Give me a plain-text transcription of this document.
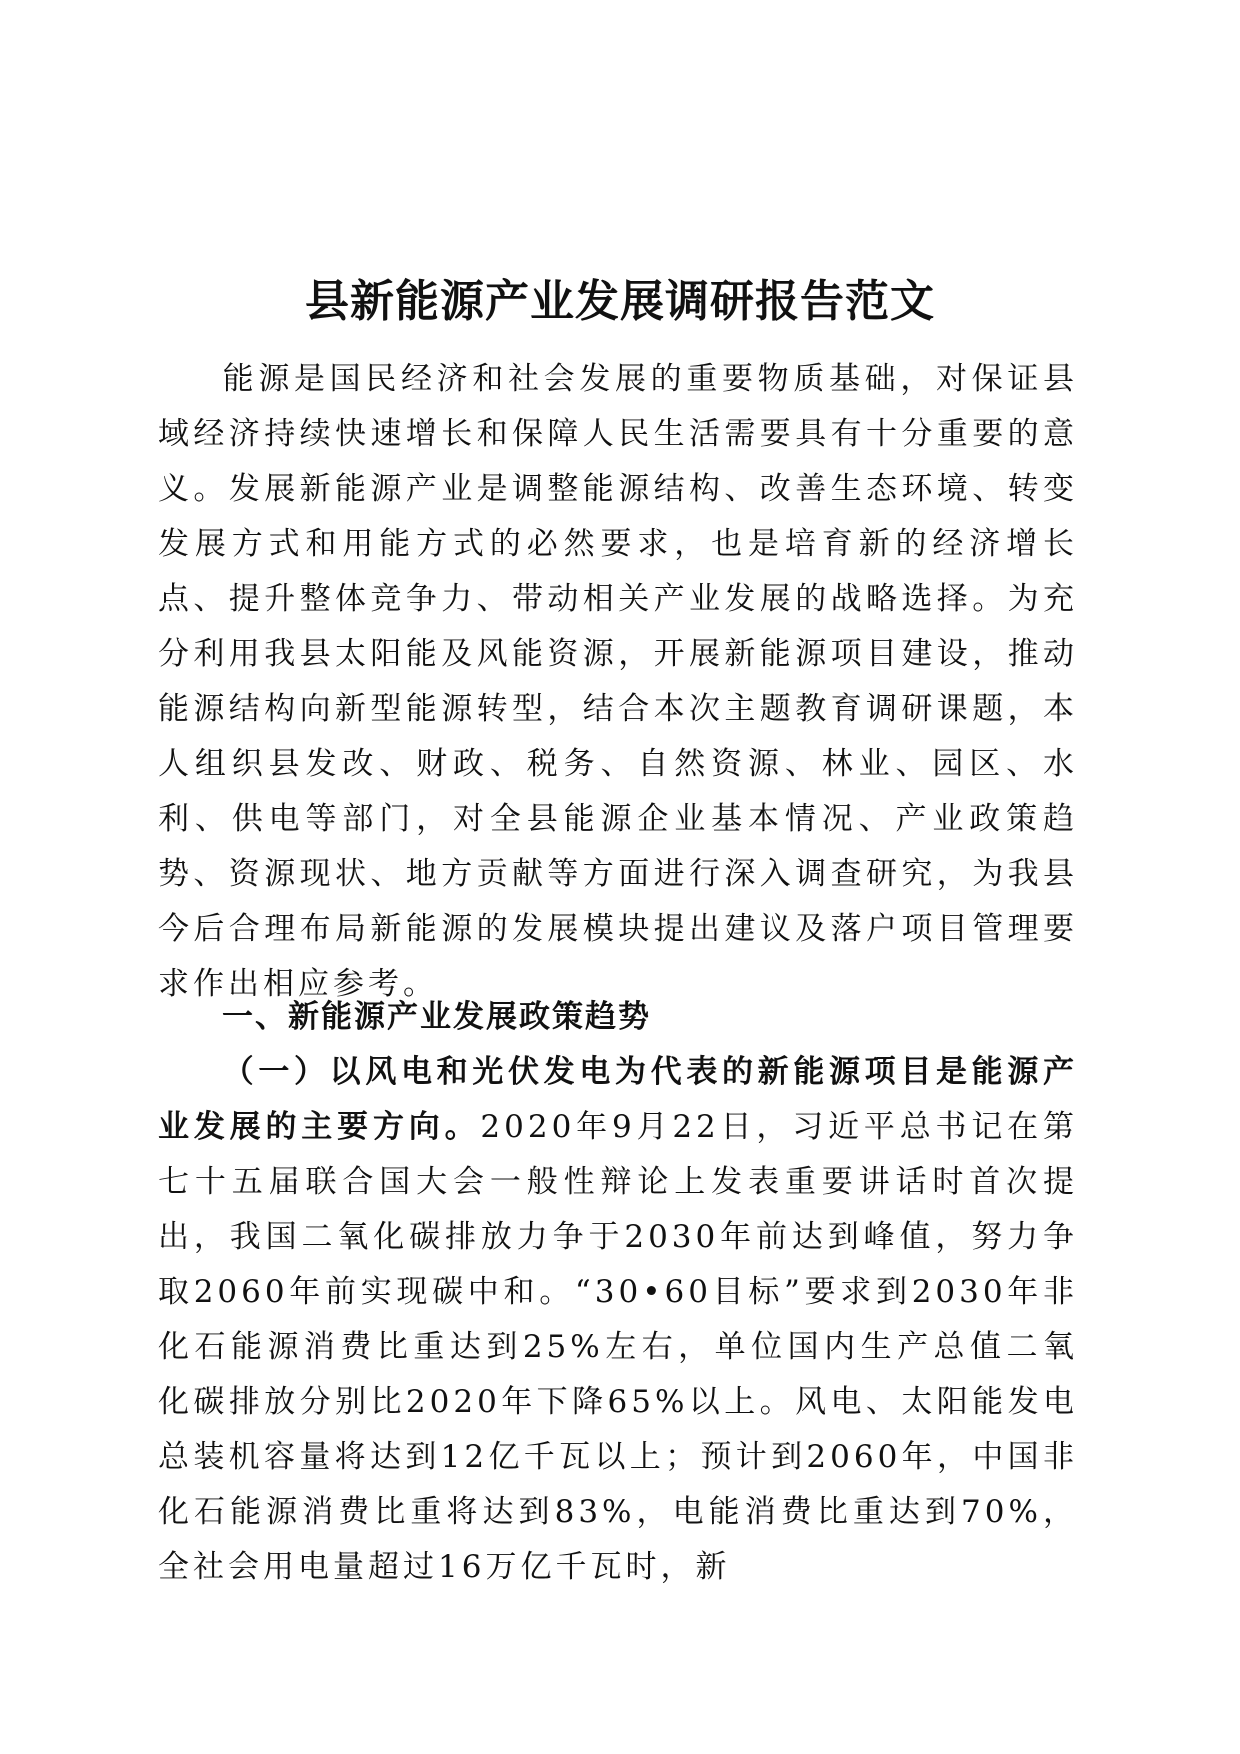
县新能源产业发展调研报告范文

能源是国民经济和社会发展的重要物质基础，对保证县域经济持续快速增长和保障人民生活需要具有十分重要的意义。发展新能源产业是调整能源结构、改善生态环境、转变发展方式和用能方式的必然要求，也是培育新的经济增长点、提升整体竞争力、带动相关产业发展的战略选择。为充分利用我县太阳能及风能资源，开展新能源项目建设，推动能源结构向新型能源转型，结合本次主题教育调研课题，本人组织县发改、财政、税务、自然资源、林业、园区、水利、供电等部门，对全县能源企业基本情况、产业政策趋势、资源现状、地方贡献等方面进行深入调查研究，为我县今后合理布局新能源的发展模块提出建议及落户项目管理要求作出相应参考。

一、新能源产业发展政策趋势

（一）以风电和光伏发电为代表的新能源项目是能源产业发展的主要方向。2020年9月22日，习近平总书记在第七十五届联合国大会一般性辩论上发表重要讲话时首次提出，我国二氧化碳排放力争于2030年前达到峰值，努力争取2060年前实现碳中和。“30•60目标”要求到2030年非化石能源消费比重达到25%左右，单位国内生产总值二氧化碳排放分别比2020年下降65%以上。风电、太阳能发电总装机容量将达到12亿千瓦以上；预计到2060年，中国非化石能源消费比重将达到83%，电能消费比重达到70%，全社会用电量超过16万亿千瓦时，新
